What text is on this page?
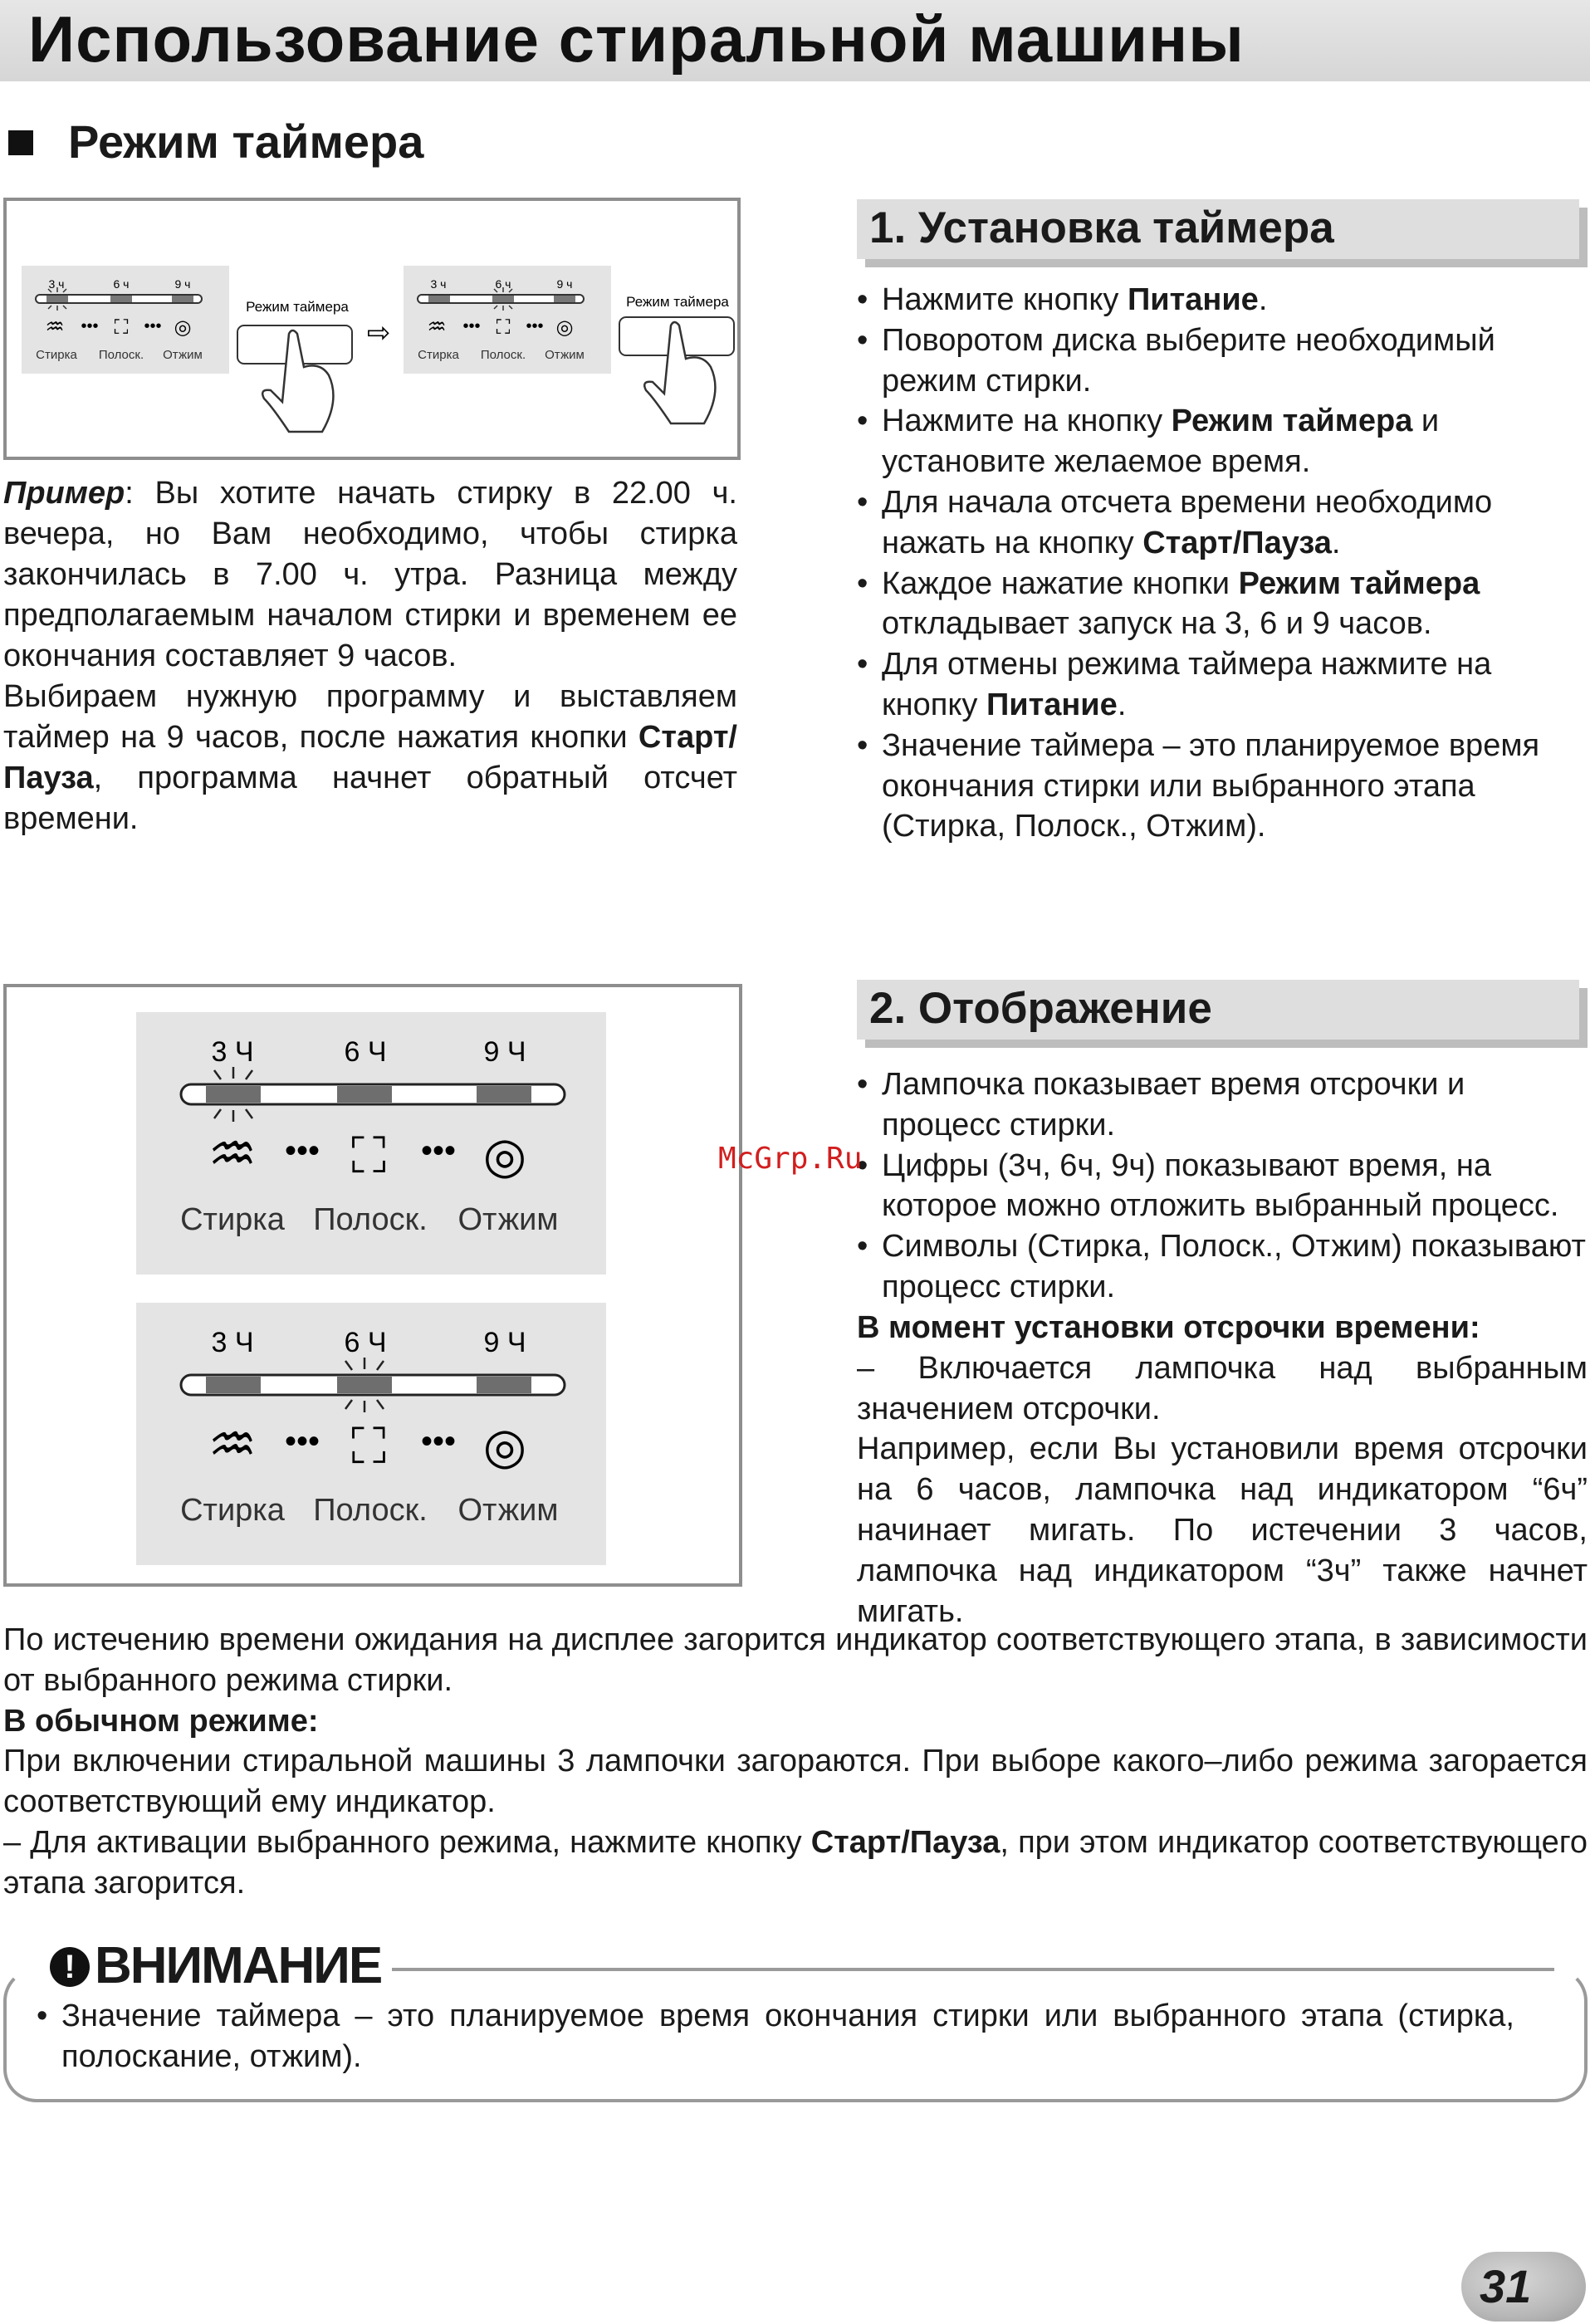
Использование стиральной машины
Режим таймера
3 ч	6 ч	9 ч
♒ ••• ⛶ ••• ◎
Стирка Полоск. Отжим
Режим таймера
⇨
3 ч	6 ч	9 ч
♒ ••• ⛶ ••• ◎
Стирка Полоск. Отжим
Режим таймера
Пример: Вы хотите начать стирку в 22.00 ч. вечера, но Вам необходимо, чтобы стирка закончилась в 7.00 ч. утра. Разница между предполагаемым началом стирки и временем ее окончания составляет 9 часов.
Выбираем нужную программу и выставляем таймер на 9 часов, после нажатия кнопки Старт/Пауза, программа начнет обратный отсчет времени.
1. Установка таймера
• Нажмите кнопку Питание.
• Поворотом диска выберите необходимый режим стирки.
• Нажмите на кнопку Режим таймера и установите желаемое время.
• Для начала отсчета времени необходимо нажать на кнопку Старт/Пауза.
• Каждое нажатие кнопки Режим таймера откладывает запуск на 3, 6 и 9 часов.
• Для отмены режима таймера нажмите на кнопку Питание.
• Значение таймера – это планируемое время окончания стирки или выбранного этапа (Стирка, Полоск., Отжим).
3 Ч	6 Ч	9 Ч
♒ ••• ⛶ ••• ◎
Стирка Полоск. Отжим
3 Ч	6 Ч	9 Ч
♒ ••• ⛶ ••• ◎
Стирка Полоск. Отжим
2. Отображение
• Лампочка показывает время отсрочки и процесс стирки.
• Цифры (3ч, 6ч, 9ч) показывают время, на которое можно отложить выбранный процесс.
• Символы (Стирка, Полоск., Отжим) показывают процесс стирки.
В момент установки отсрочки времени:
– Включается лампочка над выбранным значением отсрочки.
Например, если Вы установили время отсрочки на 6 часов, лампочка над индикатором “6ч” начинает мигать. По истечении 3 часов, лампочка над индикатором “3ч” также начнет мигать.
McGrp.Ru
По истечению времени ожидания на дисплее загорится индикатор соответствующего этапа, в зависимости от выбранного режима стирки.
В обычном режиме:
При включении стиральной машины 3 лампочки загораются. При выборе какого–либо режима загорается соответствующий ему индикатор.
– Для активации выбранного режима, нажмите кнопку Старт/Пауза, при этом индикатор соответствующего этапа загорится.
! ВНИМАНИЕ
• Значение таймера – это планируемое время окончания стирки или выбранного этапа (стирка, полоскание, отжим).
31
